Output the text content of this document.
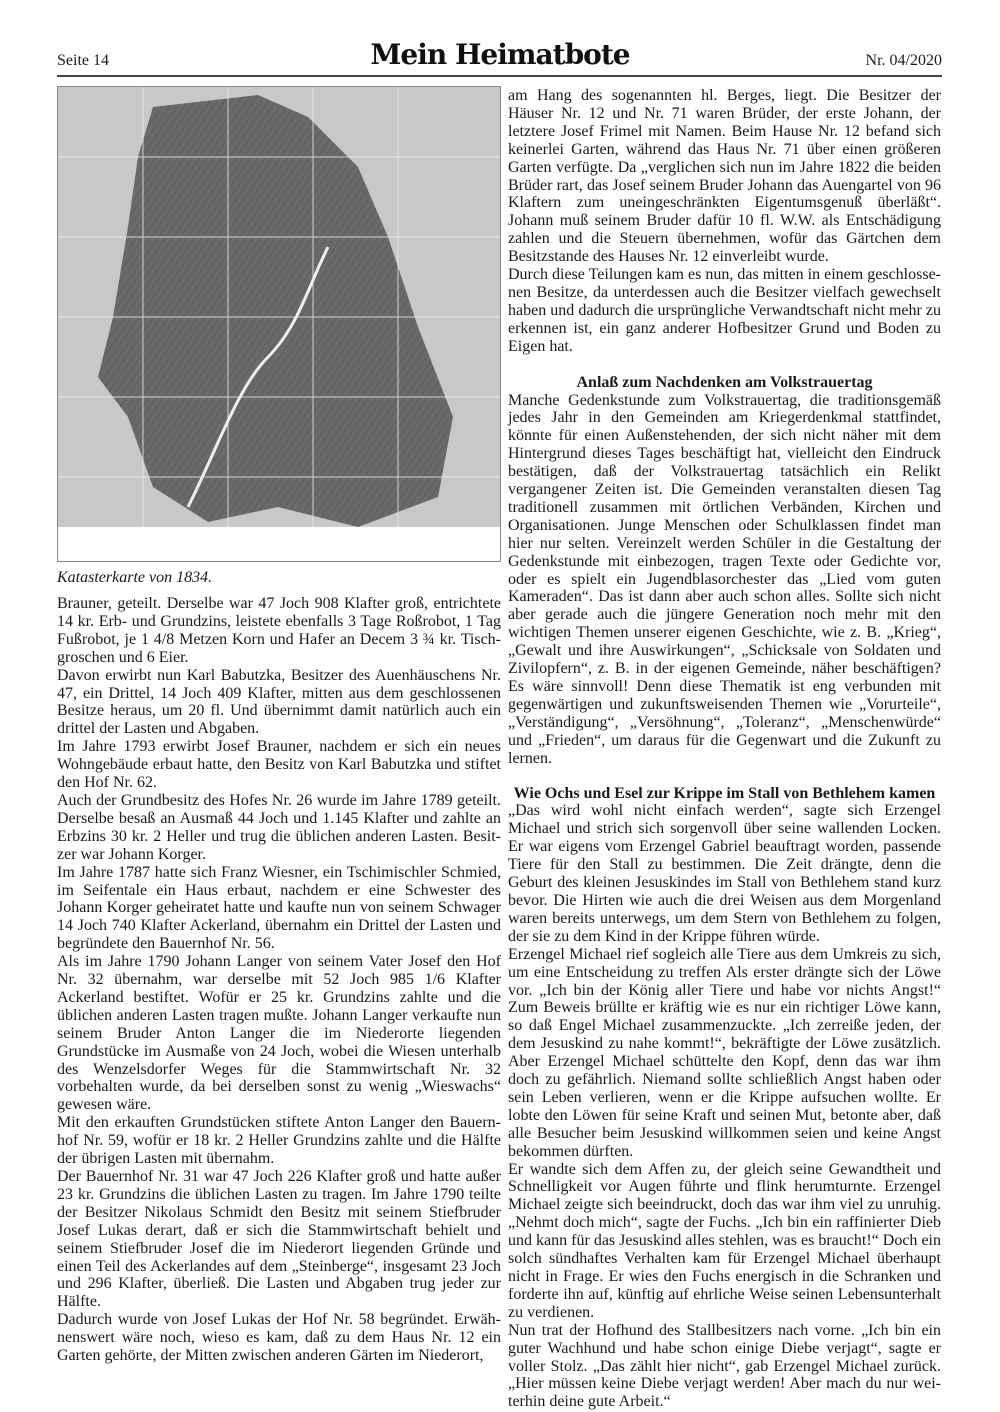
Seite 14	Mein Heimatbote	Nr. 04/2020
Katasterkarte von 1834.

Brauner, geteilt. Derselbe war 47 Joch 908 Klafter groß, entrichtete 14 kr. Erb- und Grundzins, leistete ebenfalls 3 Tage Roßrobot, 1 Tag Fußrobot, je 1 4/8 Metzen Korn und Hafer an Decem 3 ¾ kr. Tischgroschen und 6 Eier.

Davon erwirbt nun Karl Babutzka, Besitzer des Auenhäuschens Nr. 47, ein Drittel, 14 Joch 409 Klafter, mitten aus dem geschlossenen Besitze heraus, um 20 fl. Und übernimmt damit natürlich auch ein drittel der Lasten und Abgaben.

Im Jahre 1793 erwirbt Josef Brauner, nachdem er sich ein neues Wohngebäude erbaut hatte, den Besitz von Karl Babutzka und stiftet den Hof Nr. 62.

Auch der Grundbesitz des Hofes Nr. 26 wurde im Jahre 1789 geteilt. Derselbe besaß an Ausmaß 44 Joch und 1.145 Klafter und zahlte an Erbzins 30 kr. 2 Heller und trug die üblichen anderen Lasten. Besitzer war Johann Korger.

Im Jahre 1787 hatte sich Franz Wiesner, ein Tschimischler Schmied, im Seifentale ein Haus erbaut, nachdem er eine Schwester des Johann Korger geheiratet hatte und kaufte nun von seinem Schwager 14 Joch 740 Klafter Ackerland, übernahm ein Drittel der Lasten und begründete den Bauernhof Nr. 56.

Als im Jahre 1790 Johann Langer von seinem Vater Josef den Hof Nr. 32 übernahm, war derselbe mit 52 Joch 985 1/6 Klafter Ackerland bestiftet. Wofür er 25 kr. Grundzins zahlte und die üblichen anderen Lasten tragen mußte. Johann Langer verkaufte nun seinem Bruder Anton Langer die im Niederorte liegenden Grundstücke im Ausmaße von 24 Joch, wobei die Wiesen unterhalb des Wenzelsdorfer Weges für die Stammwirtschaft Nr. 32 vorbehalten wurde, da bei derselben sonst zu wenig „Wieswachs“ gewesen wäre.

Mit den erkauften Grundstücken stiftete Anton Langer den Bauernhof Nr. 59, wofür er 18 kr. 2 Heller Grundzins zahlte und die Hälfte der übrigen Lasten mit übernahm.

Der Bauernhof Nr. 31 war 47 Joch 226 Klafter groß und hatte außer 23 kr. Grundzins die üblichen Lasten zu tragen. Im Jahre 1790 teilte der Besitzer Nikolaus Schmidt den Besitz mit seinem Stiefbruder Josef Lukas derart, daß er sich die Stammwirtschaft behielt und seinem Stiefbruder Josef die im Niederort liegenden Gründe und einen Teil des Ackerlandes auf dem „Steinberge“, insgesamt 23 Joch und 296 Klafter, überließ. Die Lasten und Abgaben trug jeder zur Hälfte.

Dadurch wurde von Josef Lukas der Hof Nr. 58 begründet. Erwähnenswert wäre noch, wieso es kam, daß zu dem Haus Nr. 12 ein Garten gehörte, der Mitten zwischen anderen Gärten im Niederort,

am Hang des sogenannten hl. Berges, liegt. Die Besitzer der Häuser Nr. 12 und Nr. 71 waren Brüder, der erste Johann, der letztere Josef Frimel mit Namen. Beim Hause Nr. 12 befand sich keinerlei Garten, während das Haus Nr. 71 über einen größeren Garten verfügte. Da „verglichen sich nun im Jahre 1822 die beiden Brüder rart, das Josef seinem Bruder Johann das Auengartel von 96 Klaftern zum uneingeschränkten Eigentumsgenuß überläßt“. Johann muß seinem Bruder dafür 10 fl. W.W. als Entschädigung zahlen und die Steuern übernehmen, wofür das Gärtchen dem Besitzstande des Hauses Nr. 12 einverleibt wurde.

Durch diese Teilungen kam es nun, das mitten in einem geschlossenen Besitze, da unterdessen auch die Besitzer vielfach gewechselt haben und dadurch die ursprüngliche Verwandtschaft nicht mehr zu erkennen ist, ein ganz anderer Hofbesitzer Grund und Boden zu Eigen hat.

Anlaß zum Nachdenken am Volkstrauertag

Manche Gedenkstunde zum Volkstrauertag, die traditionsgemäß jedes Jahr in den Gemeinden am Kriegerdenkmal stattfindet, könnte für einen Außenstehenden, der sich nicht näher mit dem Hintergrund dieses Tages beschäftigt hat, vielleicht den Eindruck bestätigen, daß der Volkstrauertag tatsächlich ein Relikt vergangener Zeiten ist. Die Gemeinden veranstalten diesen Tag traditionell zusammen mit örtlichen Verbänden, Kirchen und Organisationen. Junge Menschen oder Schulklassen findet man hier nur selten. Vereinzelt werden Schüler in die Gestaltung der Gedenkstunde mit einbezogen, tragen Texte oder Gedichte vor, oder es spielt ein Jugendblasorchester das „Lied vom guten Kameraden“. Das ist dann aber auch schon alles. Sollte sich nicht aber gerade auch die jüngere Generation noch mehr mit den wichtigen Themen unserer eigenen Geschichte, wie z. B. „Krieg“, „Gewalt und ihre Auswirkungen“, „Schicksale von Soldaten und Zivilopfern“, z. B. in der eigenen Gemeinde, näher beschäftigen? Es wäre sinnvoll! Denn diese Thematik ist eng verbunden mit gegenwärtigen und zukunftsweisenden Themen wie „Vorurteile“, „Verständigung“, „Versöhnung“, „Toleranz“, „Menschenwürde“ und „Frieden“, um daraus für die Gegenwart und die Zukunft zu lernen.

Wie Ochs und Esel zur Krippe im Stall von Bethlehem kamen

„Das wird wohl nicht einfach werden“, sagte sich Erzengel Michael und strich sich sorgenvoll über seine wallenden Locken. Er war eigens vom Erzengel Gabriel beauftragt worden, passende Tiere für den Stall zu bestimmen. Die Zeit drängte, denn die Geburt des kleinen Jesuskindes im Stall von Bethlehem stand kurz bevor. Die Hirten wie auch die drei Weisen aus dem Morgenland waren bereits unterwegs, um dem Stern von Bethlehem zu folgen, der sie zu dem Kind in der Krippe führen würde.

Erzengel Michael rief sogleich alle Tiere aus dem Umkreis zu sich, um eine Entscheidung zu treffen Als erster drängte sich der Löwe vor. „Ich bin der König aller Tiere und habe vor nichts Angst!“ Zum Beweis brüllte er kräftig wie es nur ein richtiger Löwe kann, so daß Engel Michael zusammenzuckte. „Ich zerreiße jeden, der dem Jesuskind zu nahe kommt!“, bekräftigte der Löwe zusätzlich. Aber Erzengel Michael schüttelte den Kopf, denn das war ihm doch zu gefährlich. Niemand sollte schließlich Angst haben oder sein Leben verlieren, wenn er die Krippe aufsuchen wollte. Er lobte den Löwen für seine Kraft und seinen Mut, betonte aber, daß alle Besucher beim Jesuskind willkommen seien und keine Angst bekommen dürften.

Er wandte sich dem Affen zu, der gleich seine Gewandtheit und Schnelligkeit vor Augen führte und flink herumturnte. Erzengel Michael zeigte sich beeindruckt, doch das war ihm viel zu unruhig. „Nehmt doch mich“, sagte der Fuchs. „Ich bin ein raffinierter Dieb und kann für das Jesuskind alles stehlen, was es braucht!“ Doch ein solch sündhaftes Verhalten kam für Erzengel Michael überhaupt nicht in Frage. Er wies den Fuchs energisch in die Schranken und forderte ihn auf, künftig auf ehrliche Weise seinen Lebensunterhalt zu verdienen.

Nun trat der Hofhund des Stallbesitzers nach vorne. „Ich bin ein guter Wachhund und habe schon einige Diebe verjagt“, sagte er voller Stolz. „Das zählt hier nicht“, gab Erzengel Michael zurück. „Hier müssen keine Diebe verjagt werden! Aber mach du nur weiterhin deine gute Arbeit.“
